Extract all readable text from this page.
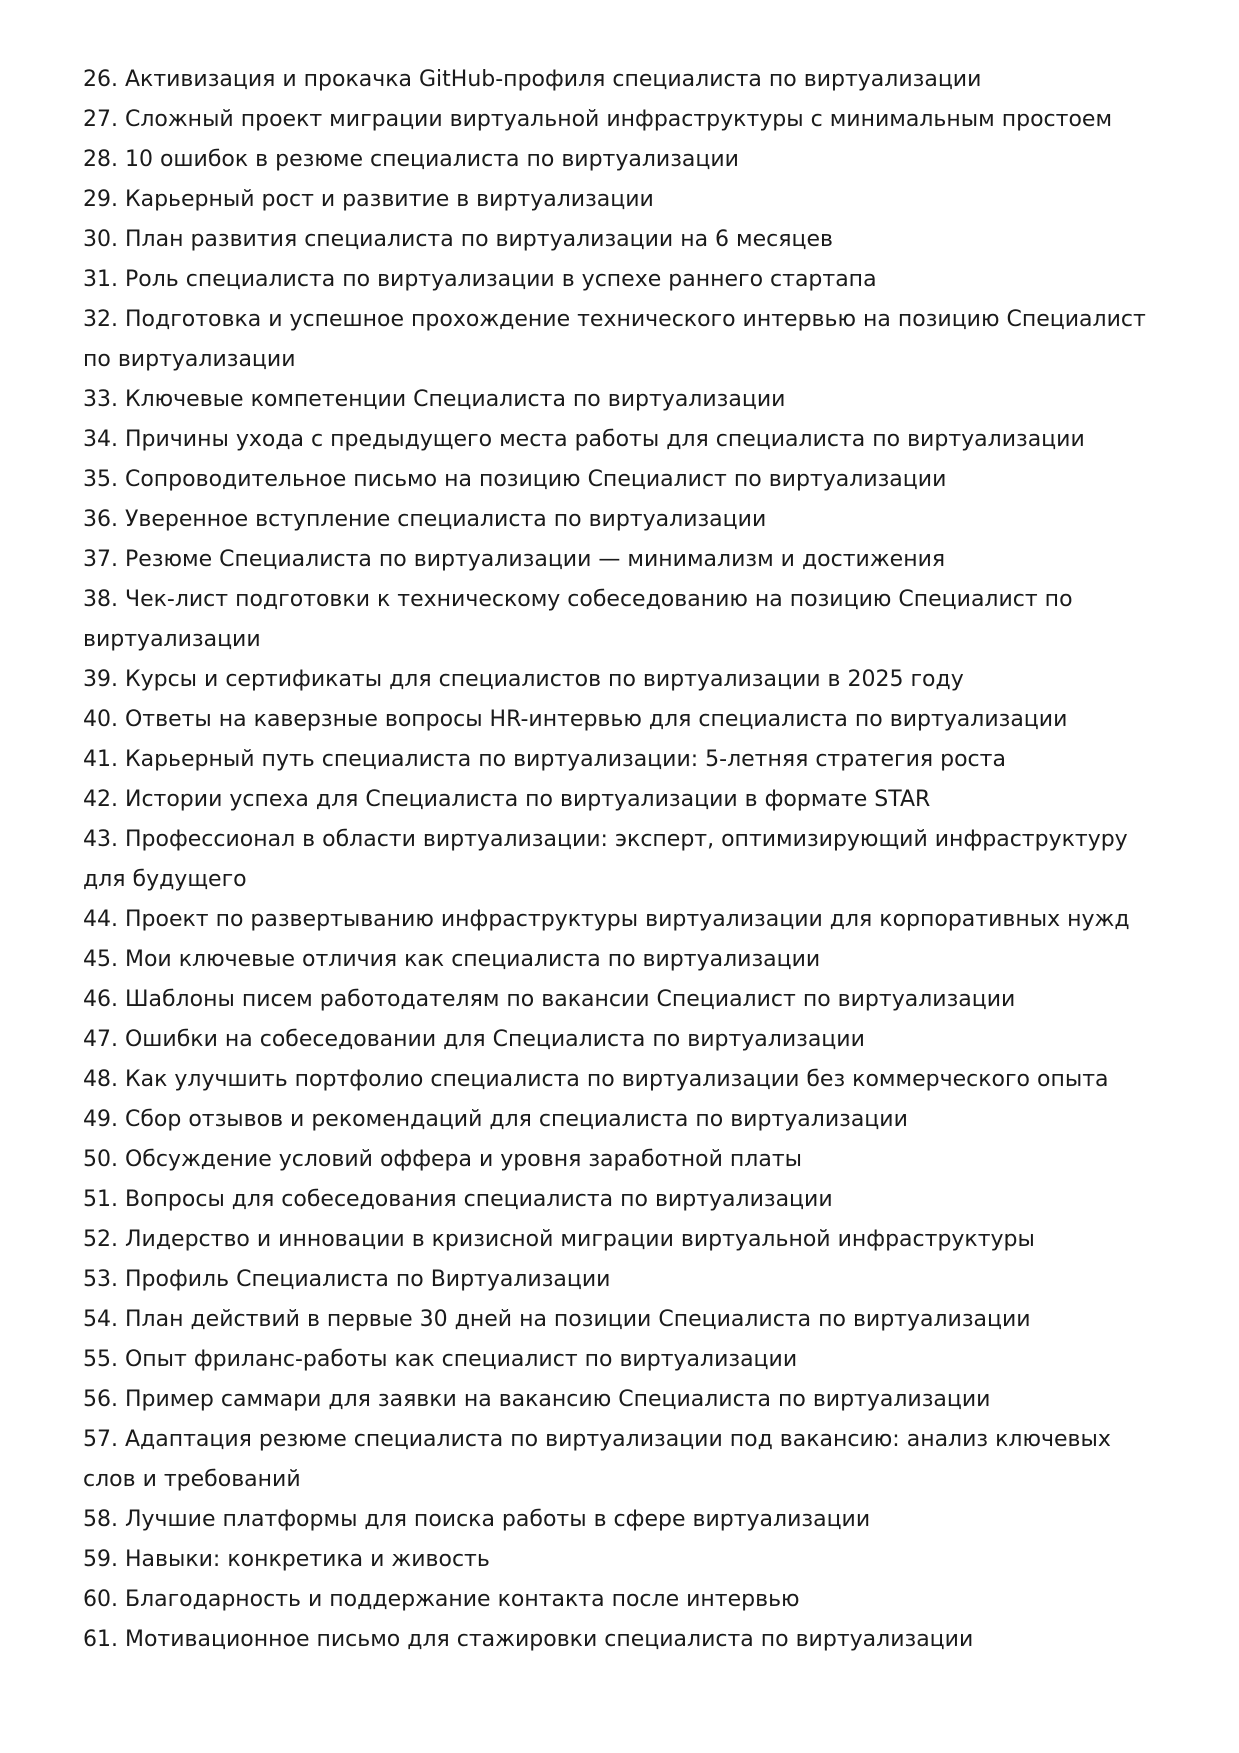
26. Активизация и прокачка GitHub-профиля специалиста по виртуализации

27. Сложный проект миграции виртуальной инфраструктуры с минимальным простоем

28. 10 ошибок в резюме специалиста по виртуализации

29. Карьерный рост и развитие в виртуализации

30. План развития специалиста по виртуализации на 6 месяцев

31. Роль специалиста по виртуализации в успехе раннего стартапа

32. Подготовка и успешное прохождение технического интервью на позицию Специалист по виртуализации

33. Ключевые компетенции Специалиста по виртуализации

34. Причины ухода с предыдущего места работы для специалиста по виртуализации

35. Сопроводительное письмо на позицию Специалист по виртуализации

36. Уверенное вступление специалиста по виртуализации

37. Резюме Специалиста по виртуализации — минимализм и достижения

38. Чек-лист подготовки к техническому собеседованию на позицию Специалист по виртуализации

39. Курсы и сертификаты для специалистов по виртуализации в 2025 году

40. Ответы на каверзные вопросы HR-интервью для специалиста по виртуализации

41. Карьерный путь специалиста по виртуализации: 5-летняя стратегия роста

42. Истории успеха для Специалиста по виртуализации в формате STAR

43. Профессионал в области виртуализации: эксперт, оптимизирующий инфраструктуру для будущего

44. Проект по развертыванию инфраструктуры виртуализации для корпоративных нужд

45. Мои ключевые отличия как специалиста по виртуализации

46. Шаблоны писем работодателям по вакансии Специалист по виртуализации

47. Ошибки на собеседовании для Специалиста по виртуализации

48. Как улучшить портфолио специалиста по виртуализации без коммерческого опыта

49. Сбор отзывов и рекомендаций для специалиста по виртуализации

50. Обсуждение условий оффера и уровня заработной платы

51. Вопросы для собеседования специалиста по виртуализации

52. Лидерство и инновации в кризисной миграции виртуальной инфраструктуры

53. Профиль Специалиста по Виртуализации

54. План действий в первые 30 дней на позиции Специалиста по виртуализации

55. Опыт фриланс-работы как специалист по виртуализации

56. Пример саммари для заявки на вакансию Специалиста по виртуализации

57. Адаптация резюме специалиста по виртуализации под вакансию: анализ ключевых слов и требований

58. Лучшие платформы для поиска работы в сфере виртуализации

59. Навыки: конкретика и живость

60. Благодарность и поддержание контакта после интервью

61. Мотивационное письмо для стажировки специалиста по виртуализации
